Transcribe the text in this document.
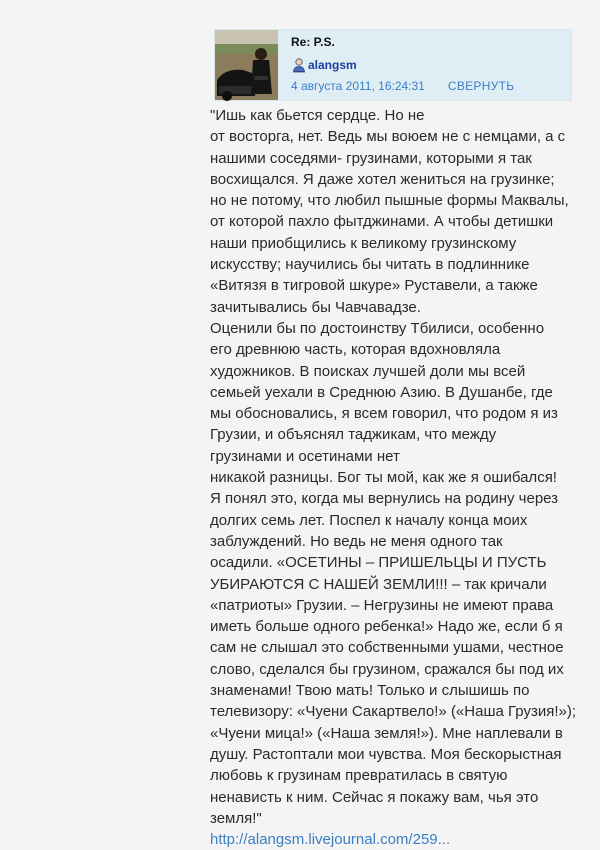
Re: P.S.
alangsm
4 августа 2011, 16:24:31 СВЕРНУТЬ
"Ишь как бьется сердце. Но не
от восторга, нет. Ведь мы воюем не с немцами, а с
нашими соседями- грузинами, которыми я так
восхищался. Я даже хотел жениться на грузинке;
но не потому, что любил пышные формы Маквалы,
от которой пахло фытджинами. А чтобы детишки
наши приобщились к великому грузинскому
искусству; научились бы читать в подлиннике
«Витязя в тигровой шкуре» Руставели, а также
зачитывались бы Чавчавадзе.
Оценили бы по достоинству Тбилиси, особенно
его древнюю часть, которая вдохновляла
художников. В поисках лучшей доли мы всей
семьей уехали в Среднюю Азию. В Душанбе, где
мы обосновались, я всем говорил, что родом я из
Грузии, и объяснял таджикам, что между
грузинами и осетинами нет
никакой разницы. Бог ты мой, как же я ошибался!
Я понял это, когда мы вернулись на родину через
долгих семь лет. Поспел к началу конца моих
заблуждений. Но ведь не меня одного так
осадили. «ОСЕТИНЫ – ПРИШЕЛЬЦЫ И ПУСТЬ
УБИРАЮТСЯ С НАШЕЙ ЗЕМЛИ!!! – так кричали
«патриоты» Грузии. – Негрузины не имеют права
иметь больше одного ребенка!» Надо же, если б я
сам не слышал это собственными ушами, честное
слово, сделался бы грузином, сражался бы под их
знаменами! Твою мать! Только и слышишь по
телевизору: «Чуени Сакартвело!» («Наша Грузия!»);
«Чуени мица!» («Наша земля!»). Мне наплевали в
душу. Растоптали мои чувства. Моя бескорыстная
любовь к грузинам превратилась в святую
ненависть к ним. Сейчас я покажу вам, чья это
земля!"
http://alangsm.livejournal.com/259...
